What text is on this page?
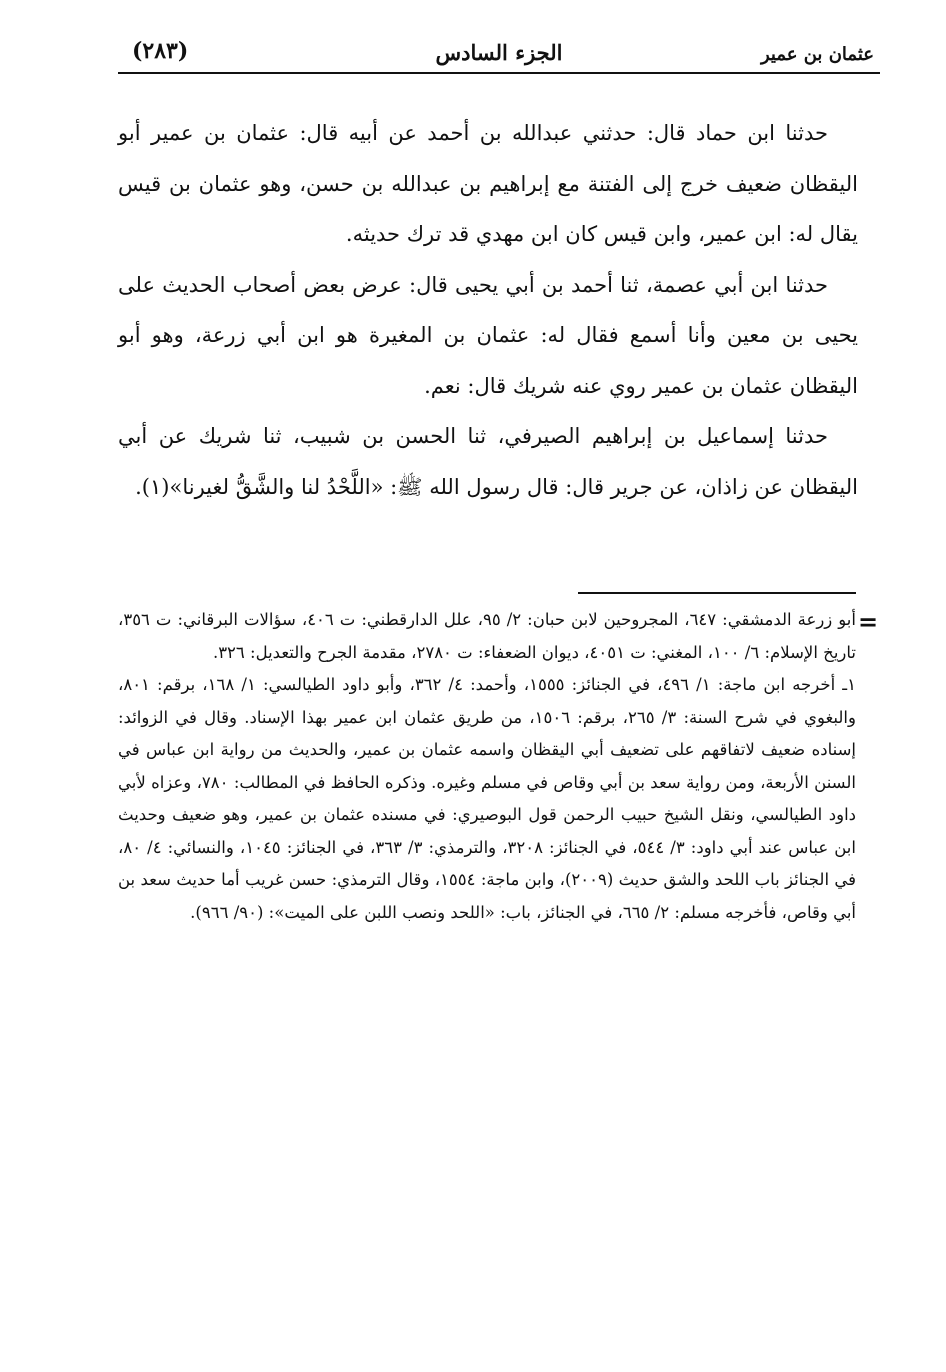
(٢٨٣)	الجزء السادس	عثمان بن عمير

حدثنا ابن حماد قال: حدثني عبدالله بن أحمد عن أبيه قال: عثمان بن عمير أبو اليقظان ضعيف خرج إلى الفتنة مع إبراهيم بن عبدالله بن حسن، وهو عثمان بن قيس يقال له: ابن عمير، وابن قيس كان ابن مهدي قد ترك حديثه.

حدثنا ابن أبي عصمة، ثنا أحمد بن أبي يحيى قال: عرض بعض أصحاب الحديث على يحيى بن معين وأنا أسمع فقال له: عثمان بن المغيرة هو ابن أبي زرعة، وهو أبو اليقظان عثمان بن عمير روي عنه شريك قال: نعم.

حدثنا إسماعيل بن إبراهيم الصيرفي، ثنا الحسن بن شبيب، ثنا شريك عن أبي اليقظان عن زاذان، عن جرير قال: قال رسول الله ﷺ: «اللَّحْدُ لنا والشَّقُّ لغيرنا»(١).

=

أبو زرعة الدمشقي: ٦٤٧، المجروحين لابن حبان: ٢/ ٩٥، علل الدارقطني: ت ٤٠٦، سؤالات البرقاني: ت ٣٥٦، تاريخ الإسلام: ٦/ ١٠٠، المغني: ت ٤٠٥١، ديوان الضعفاء: ت ٢٧٨٠، مقدمة الجرح والتعديل: ٣٢٦.

١ـ أخرجه ابن ماجة: ١/ ٤٩٦، في الجنائز: ١٥٥٥، وأحمد: ٤/ ٣٦٢، وأبو داود الطيالسي: ١/ ١٦٨، برقم: ٨٠١، والبغوي في شرح السنة: ٣/ ٢٦٥، برقم: ١٥٠٦، من طريق عثمان ابن عمير بهذا الإسناد. وقال في الزوائد: إسناده ضعيف لاتفاقهم على تضعيف أبي اليقظان واسمه عثمان بن عمير، والحديث من رواية ابن عباس في السنن الأربعة، ومن رواية سعد بن أبي وقاص في مسلم وغيره. وذكره الحافظ في المطالب: ٧٨٠، وعزاه لأبي داود الطيالسي، ونقل الشيخ حبيب الرحمن قول البوصيري: في مسنده عثمان بن عمير، وهو ضعيف وحديث ابن عباس عند أبي داود: ٣/ ٥٤٤، في الجنائز: ٣٢٠٨، والترمذي: ٣/ ٣٦٣، في الجنائز: ١٠٤٥، والنسائي: ٤/ ٨٠، في الجنائز باب اللحد والشق حديث (٢٠٠٩)، وابن ماجة: ١٥٥٤، وقال الترمذي: حسن غريب أما حديث سعد بن أبي وقاص، فأخرجه مسلم: ٢/ ٦٦٥، في الجنائز، باب: «اللحد ونصب اللبن على الميت»: (٩٠/ ٩٦٦).
